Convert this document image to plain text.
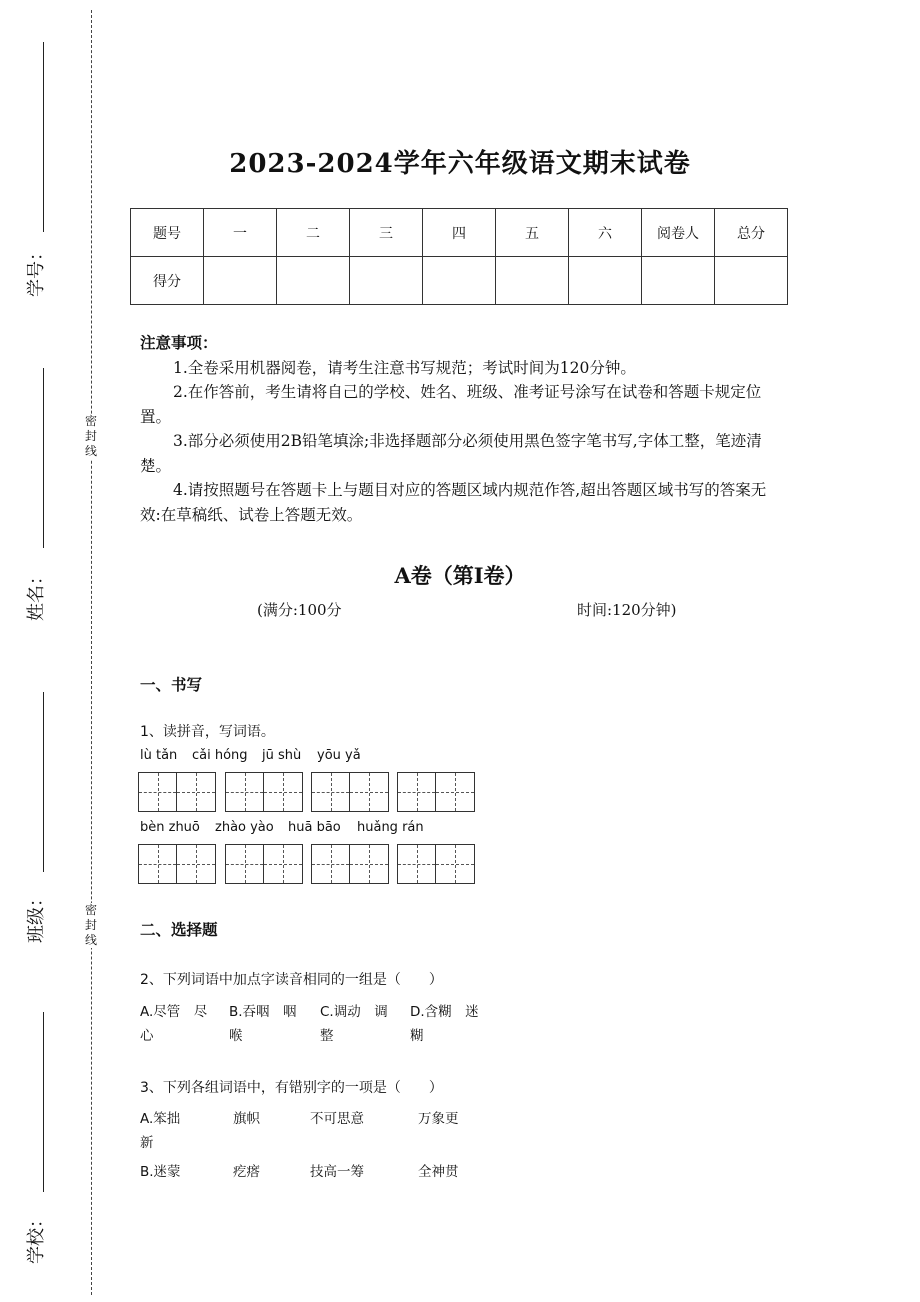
学号：
姓名：
班级：
学校：
密封线
密封线
2023-2024学年六年级语文期末试卷
题号	一	二	三	四	五	六	阅卷人	总分
得分								
注意事项：

1.全卷采用机器阅卷，请考生注意书写规范；考试时间为120分钟。

2.在作答前，考生请将自己的学校、姓名、班级、准考证号涂写在试卷和答题卡规定位置。

3.部分必须使用2B铅笔填涂;非选择题部分必须使用黑色签字笔书写,字体工整，笔迹清楚。

4.请按照题号在答题卡上与题目对应的答题区域内规范作答,超出答题区域书写的答案无效:在草稿纸、试卷上答题无效。

A卷（第Ⅰ卷）
(满分:100分	时间:120分钟)
一、书写
1、读拼音，写词语。
lù tǎn cǎi hóng jū shù yōu yǎ
bèn zhuō zhào yào huā bāo huǎng rán
二、选择题
2、下列词语中加点字读音相同的一组是（　　）
A.尽管　尽
心
B.吞咽　咽
喉
C.调动　调
整
D.含糊　迷
糊
3、下列各组词语中，有错别字的一项是（　　）
A.笨拙	旗帜	不可思意	万象更
新
B.迷蒙	疙瘩	技高一筹	全神贯
